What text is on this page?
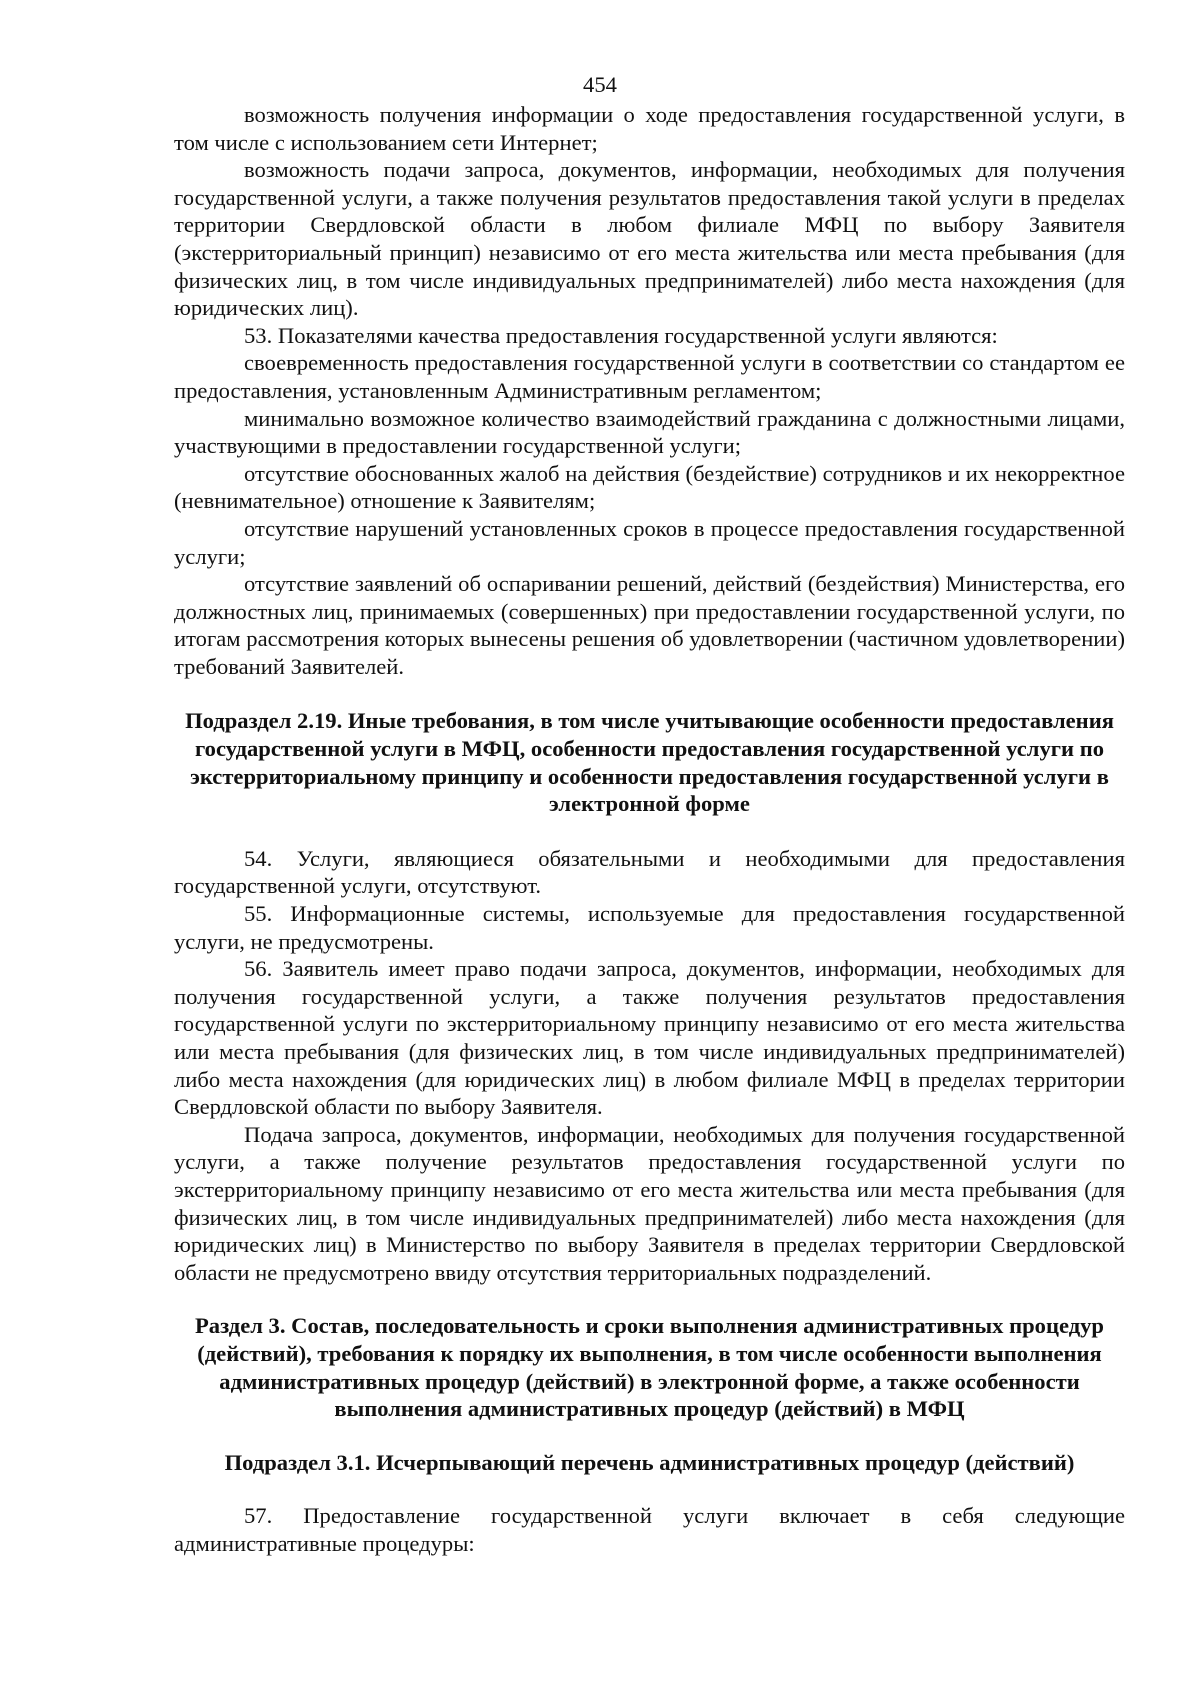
454

возможность получения информации о ходе предоставления государственной услуги, в том числе с использованием сети Интернет;

возможность подачи запроса, документов, информации, необходимых для получения государственной услуги, а также получения результатов предоставления такой услуги в пределах территории Свердловской области в любом филиале МФЦ по выбору Заявителя (экстерриториальный принцип) независимо от его места жительства или места пребывания (для физических лиц, в том числе индивидуальных предпринимателей) либо места нахождения (для юридических лиц).

53. Показателями качества предоставления государственной услуги являются:

своевременность предоставления государственной услуги в соответствии со стандартом ее предоставления, установленным Административным регламентом;

минимально возможное количество взаимодействий гражданина с должностными лицами, участвующими в предоставлении государственной услуги;

отсутствие обоснованных жалоб на действия (бездействие) сотрудников и их некорректное (невнимательное) отношение к Заявителям;

отсутствие нарушений установленных сроков в процессе предоставления государственной услуги;

отсутствие заявлений об оспаривании решений, действий (бездействия) Министерства, его должностных лиц, принимаемых (совершенных) при предоставлении государственной услуги, по итогам рассмотрения которых вынесены решения об удовлетворении (частичном удовлетворении) требований Заявителей.

Подраздел 2.19. Иные требования, в том числе учитывающие особенности предоставления государственной услуги в МФЦ, особенности предоставления государственной услуги по экстерриториальному принципу и особенности предоставления государственной услуги в электронной форме

54. Услуги, являющиеся обязательными и необходимыми для предоставления государственной услуги, отсутствуют.

55. Информационные системы, используемые для предоставления государственной услуги, не предусмотрены.

56. Заявитель имеет право подачи запроса, документов, информации, необходимых для получения государственной услуги, а также получения результатов предоставления государственной услуги по экстерриториальному принципу независимо от его места жительства или места пребывания (для физических лиц, в том числе индивидуальных предпринимателей) либо места нахождения (для юридических лиц) в любом филиале МФЦ в пределах территории Свердловской области по выбору Заявителя.

Подача запроса, документов, информации, необходимых для получения государственной услуги, а также получение результатов предоставления государственной услуги по экстерриториальному принципу независимо от его места жительства или места пребывания (для физических лиц, в том числе индивидуальных предпринимателей) либо места нахождения (для юридических лиц) в Министерство по выбору Заявителя в пределах территории Свердловской области не предусмотрено ввиду отсутствия территориальных подразделений.

Раздел 3. Состав, последовательность и сроки выполнения административных процедур (действий), требования к порядку их выполнения, в том числе особенности выполнения административных процедур (действий) в электронной форме, а также особенности выполнения административных процедур (действий) в МФЦ
Подраздел 3.1. Исчерпывающий перечень административных процедур (действий)

57. Предоставление государственной услуги включает в себя следующие административные процедуры:
